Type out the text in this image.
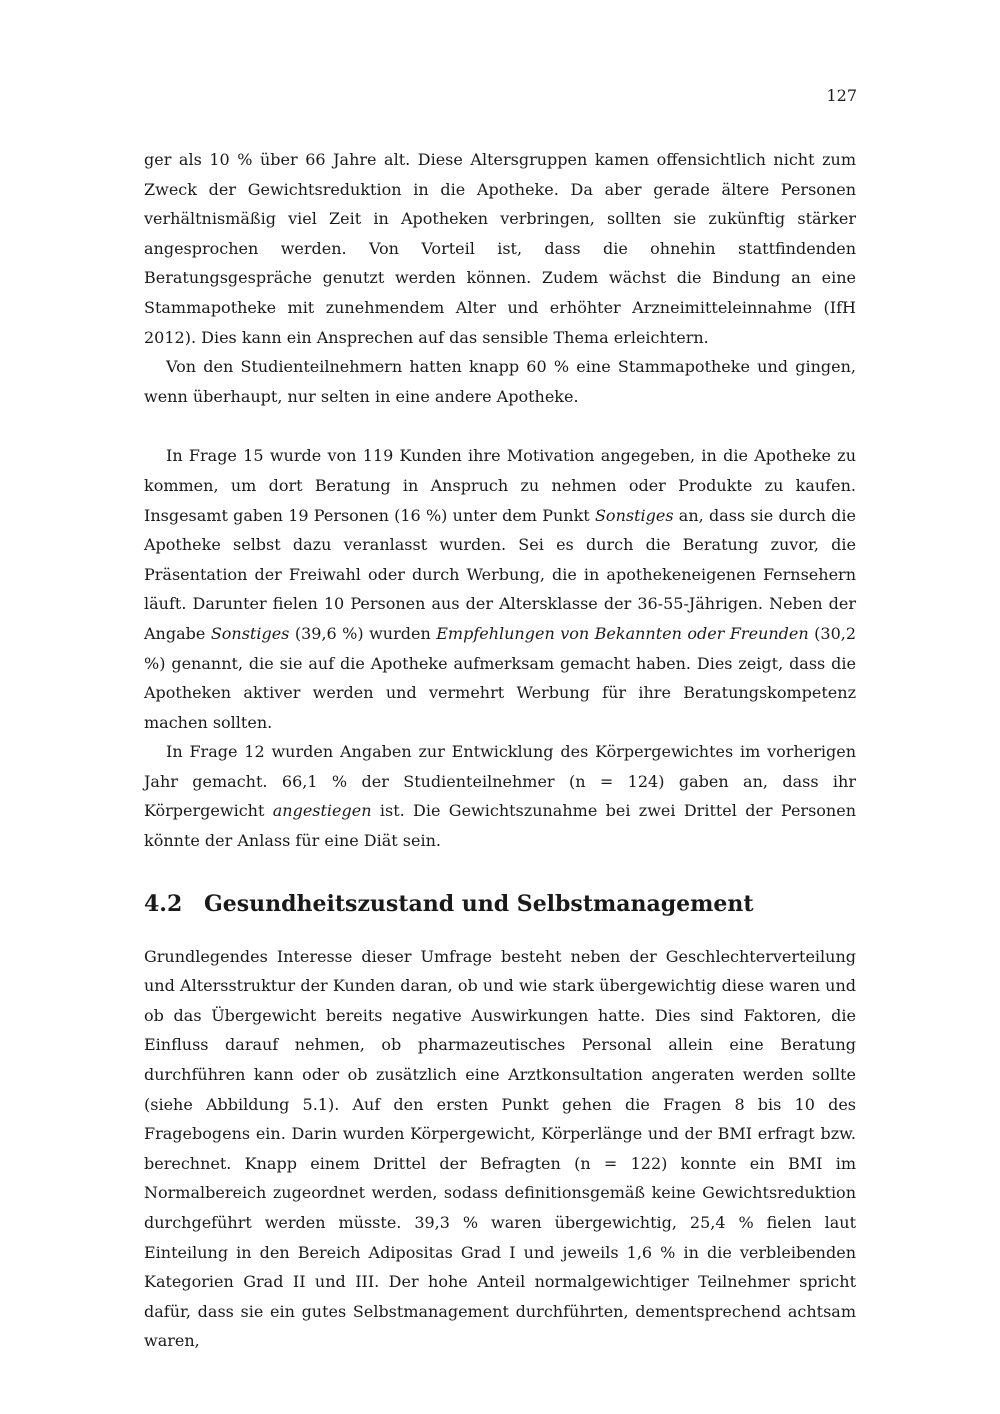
127

ger als 10 % über 66 Jahre alt. Diese Altersgruppen kamen offensichtlich nicht zum Zweck der Gewichtsreduktion in die Apotheke. Da aber gerade ältere Personen verhältnismäßig viel Zeit in Apotheken verbringen, sollten sie zukünftig stärker angesprochen werden. Von Vorteil ist, dass die ohnehin stattfindenden Beratungsgespräche genutzt werden können. Zudem wächst die Bindung an eine Stammapotheke mit zunehmendem Alter und erhöhter Arzneimitteleinnahme (IfH 2012). Dies kann ein Ansprechen auf das sensible Thema erleichtern.

Von den Studienteilnehmern hatten knapp 60 % eine Stammapotheke und gingen, wenn überhaupt, nur selten in eine andere Apotheke.

In Frage 15 wurde von 119 Kunden ihre Motivation angegeben, in die Apotheke zu kommen, um dort Beratung in Anspruch zu nehmen oder Produkte zu kaufen. Insgesamt gaben 19 Personen (16 %) unter dem Punkt Sonstiges an, dass sie durch die Apotheke selbst dazu veranlasst wurden. Sei es durch die Beratung zuvor, die Präsentation der Freiwahl oder durch Werbung, die in apothekeneigenen Fernsehern läuft. Darunter fielen 10 Personen aus der Altersklasse der 36-55-Jährigen. Neben der Angabe Sonstiges (39,6 %) wurden Empfehlungen von Bekannten oder Freunden (30,2 %) genannt, die sie auf die Apotheke aufmerksam gemacht haben. Dies zeigt, dass die Apotheken aktiver werden und vermehrt Werbung für ihre Beratungskompetenz machen sollten.

In Frage 12 wurden Angaben zur Entwicklung des Körpergewichtes im vorherigen Jahr gemacht. 66,1 % der Studienteilnehmer (n = 124) gaben an, dass ihr Körpergewicht angestiegen ist. Die Gewichtszunahme bei zwei Drittel der Personen könnte der Anlass für eine Diät sein.

4.2 Gesundheitszustand und Selbstmanagement

Grundlegendes Interesse dieser Umfrage besteht neben der Geschlechterverteilung und Altersstruktur der Kunden daran, ob und wie stark übergewichtig diese waren und ob das Übergewicht bereits negative Auswirkungen hatte. Dies sind Faktoren, die Einfluss darauf nehmen, ob pharmazeutisches Personal allein eine Beratung durchführen kann oder ob zusätzlich eine Arztkonsultation angeraten werden sollte (siehe Abbildung 5.1). Auf den ersten Punkt gehen die Fragen 8 bis 10 des Fragebogens ein. Darin wurden Körpergewicht, Körperlänge und der BMI erfragt bzw. berechnet. Knapp einem Drittel der Befragten (n = 122) konnte ein BMI im Normalbereich zugeordnet werden, sodass definitionsgemäß keine Gewichtsreduktion durchgeführt werden müsste. 39,3 % waren übergewichtig, 25,4 % fielen laut Einteilung in den Bereich Adipositas Grad I und jeweils 1,6 % in die verbleibenden Kategorien Grad II und III. Der hohe Anteil normalgewichtiger Teilnehmer spricht dafür, dass sie ein gutes Selbstmanagement durchführten, dementsprechend achtsam waren,
